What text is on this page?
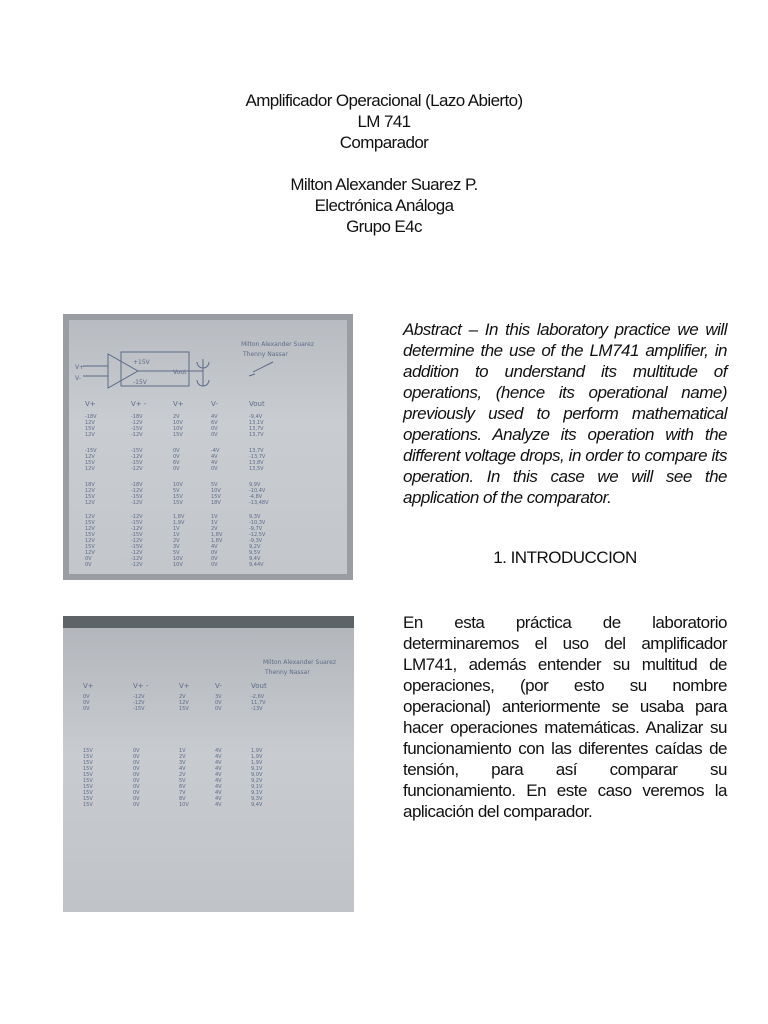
Amplificador Operacional (Lazo Abierto)
LM 741
Comparador
Milton Alexander Suarez P.
Electrónica Análoga
Grupo E4c
+15V
-15V
Vout
V+
V-
Milton Alexander Suarez
Thenny Nassar
V+	V+ -	V+	V-	Vout
-18V	-18V	2V	4V	-9,4V
12V	-12V	10V	6V	13,1V
15V	-15V	10V	0V	13,7V
12V	-12V	15V	0V	13,7V
-15V	-15V	0V	-4V	13,7V
12V	-12V	0V	4V	-13,7V
15V	-15V	6V	4V	13,8V
12V	-12V	0V	0V	13,5V
18V	-18V	10V	5V	9,9V
12V	-12V	5V	10V	-10,4V
15V	-15V	15V	15V	-4,8V
12V	-12V	15V	18V	-13,48V
12V	-12V	1,8V	1V	9,3V
15V	-15V	1,9V	1V	-10,3V
12V	-12V	1V	2V	-9,7V
15V	-15V	1V	1,8V	-12,5V
12V	-12V	2V	1,8V	-9,3V
15V	-15V	3V	4V	9,2V
12V	-12V	5V	0V	9,5V
0V	-12V	10V	0V	9,4V
0V	-12V	10V	0V	9,44V
Milton Alexander Suarez
Thenny Nassar
V+	V+ -	V+	V-	Vout
0V	-12V	2V	3V	-2,6V
0V	-12V	12V	0V	11,7V
0V	-15V	15V	0V	-13V
15V	0V	1V	4V	1,9V
15V	0V	2V	4V	1,9V
15V	0V	3V	4V	1,9V
15V	0V	4V	4V	9,1V
15V	0V	2V	4V	9,0V
15V	0V	5V	4V	9,2V
15V	0V	6V	4V	9,1V
15V	0V	7V	4V	9,1V
15V	0V	8V	4V	9,3V
15V	0V	10V	4V	9,4V
Abstract – In this laboratory practice we will determine the use of the LM741 amplifier, in addition to understand its multitude of operations, (hence its operational name) previously used to perform mathematical operations. Analyze its operation with the different voltage drops, in order to compare its operation. In this case we will see the application of the comparator.
1. INTRODUCCION
En esta práctica de laboratorio determinaremos el uso del amplificador LM741, además entender su multitud de operaciones, (por esto su nombre operacional) anteriormente se usaba para hacer operaciones matemáticas. Analizar su funcionamiento con las diferentes caídas de tensión, para así comparar su funcionamiento. En este caso veremos la aplicación del comparador.
